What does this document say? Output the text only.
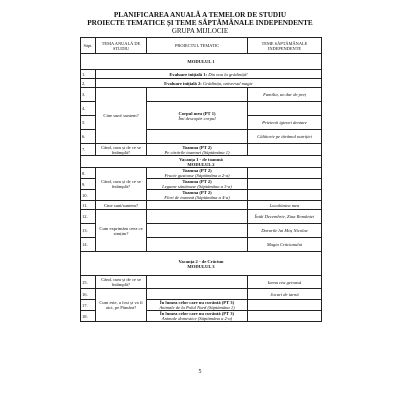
PLANIFICAREA ANUALĂ A TEMELOR DE STUDIU
PROIECTE TEMATICE ȘI TEME SĂPTĂMÂNALE INDEPENDENTE
GRUPA MIJLOCIE
Săpt.	TEMA ANUALĂ DE STUDIU	PROIECTUL TEMATIC	TEME SĂPTĂMÂNALE INDEPENDENTE
MODULUL 1			
1.	Evaluare inițială 1: Din nou la grădiniță!		
2.	Evaluare inițială 2: Grădinița, universul magic		
3.	Cine sunt/ suntem?		Familia, un dar de preț
4.		Corpul meu (PT 1)
Îmi descopăr corpul	

5.			Prietenii igienei dentare
6.			Călătorie pe tărâmul nutriției
7.	Când, cum și de ce se întâmplă?	Toamna (PT 2)
Pe cărările toamnei (Săptămâna 1)	

Vacanța 1 - de toamnă
MODULUL 2			

8.	Când, cum și de ce se întâmplă?	Toamna (PT 2)
Fructe gustoase (Săptămâna a 2-a)	

9.		Toamna (PT 2)
Legume sănătoase (Săptămâna a 3-a)	

10.		Toamna (PT 2)
Flori de toamnă (Săptămâna a 4-a)	

11.	Cine sunt/suntem?		Localitatea mea
12.	Cum exprimăm ceea ce simțim?		Întâi Decembrie, Ziua României
13.			Darurile lui Moș Nicolae
14.			Magia Crăciunului

Vacanța 2 - de Crăciun
MODULUL 3			

15.	Când, cum și de ce se întâmplă?		Iarna cea geroasă
16.	Cum este, a fost și va fi aici, pe Pământ?		Jocuri de iarnă
17.		În lumea celor care nu cuvântă (PT 3)
Animale de la Polul Nord (Săptămâna 1)	

18.		În lumea celor care nu cuvântă (PT 3)
Animale domestice (Săptămâna a 2-a)	

5
